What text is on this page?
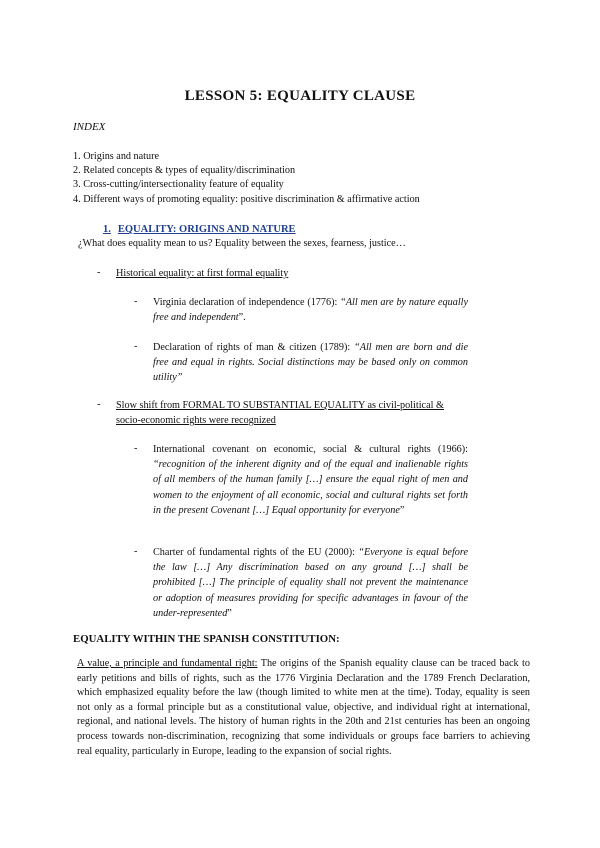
LESSON 5: EQUALITY CLAUSE
INDEX
1. Origins and nature
2. Related concepts & types of equality/discrimination
3. Cross-cutting/intersectionality feature of equality
4. Different ways of promoting equality: positive discrimination & affirmative action
1. EQUALITY: ORIGINS AND NATURE
¿What does equality mean to us? Equality between the sexes, fearness, justice…
- Historical equality: at first formal equality
- Virginia declaration of independence (1776): “All men are by nature equally free and independent”.
- Declaration of rights of man & citizen (1789): “All men are born and die free and equal in rights. Social distinctions may be based only on common utility”
- Slow shift from FORMAL TO SUBSTANTIAL EQUALITY as civil-political & socio-economic rights were recognized
- International covenant on economic, social & cultural rights (1966): “recognition of the inherent dignity and of the equal and inalienable rights of all members of the human family […] ensure the equal right of men and women to the enjoyment of all economic, social and cultural rights set forth in the present Covenant […] Equal opportunity for everyone”
- Charter of fundamental rights of the EU (2000): “Everyone is equal before the law […] Any discrimination based on any ground […] shall be prohibited […] The principle of equality shall not prevent the maintenance or adoption of measures providing for specific advantages in favour of the under-represented”
EQUALITY WITHIN THE SPANISH CONSTITUTION:
A value, a principle and fundamental right: The origins of the Spanish equality clause can be traced back to early petitions and bills of rights, such as the 1776 Virginia Declaration and the 1789 French Declaration, which emphasized equality before the law (though limited to white men at the time). Today, equality is seen not only as a formal principle but as a constitutional value, objective, and individual right at international, regional, and national levels. The history of human rights in the 20th and 21st centuries has been an ongoing process towards non-discrimination, recognizing that some individuals or groups face barriers to achieving real equality, particularly in Europe, leading to the expansion of social rights.
